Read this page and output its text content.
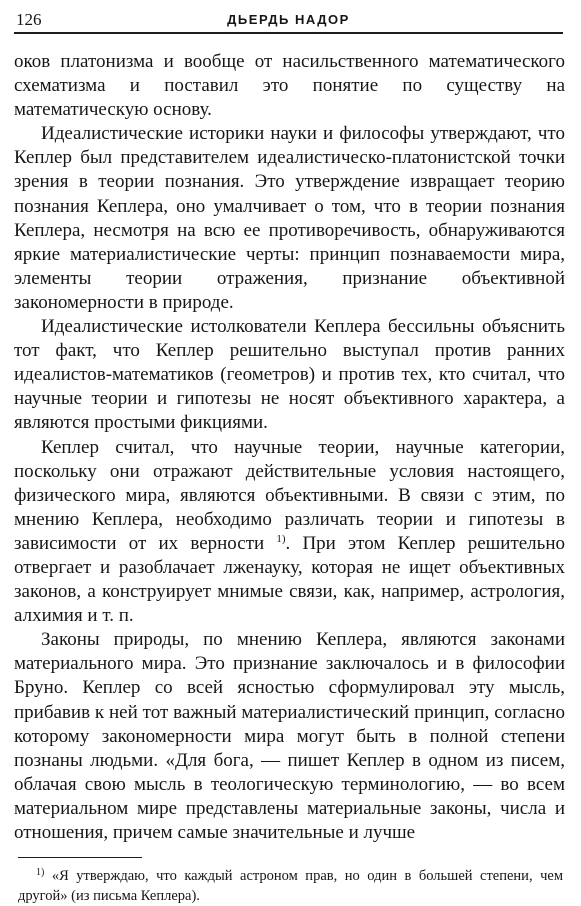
126	ДЬЕРДЬ НАДОР

оков платонизма и вообще от насильственного математического схематизма и поставил это понятие по существу на математическую основу.

Идеалистические историки науки и философы утверждают, что Кеплер был представителем идеалистическо-платонистской точки зрения в теории познания. Это утверждение извращает теорию познания Кеплера, оно умалчивает о том, что в теории познания Кеплера, несмотря на всю ее противоречивость, обнаруживаются яркие материалистические черты: принцип познаваемости мира, элементы теории отражения, признание объективной закономерности в природе.

Идеалистические истолкователи Кеплера бессильны объяснить тот факт, что Кеплер решительно выступал против ранних идеалистов-математиков (геометров) и против тех, кто считал, что научные теории и гипотезы не носят объективного характера, а являются простыми фикциями.

Кеплер считал, что научные теории, научные категории, поскольку они отражают действительные условия настоящего, физического мира, являются объективными. В связи с этим, по мнению Кеплера, необходимо различать теории и гипотезы в зависимости от их верности $^{1)}$. При этом Кеплер решительно отвергает и разоблачает лженауку, которая не ищет объективных законов, а конструирует мнимые связи, как, например, астрология, алхимия и т. п.

Законы природы, по мнению Кеплера, являются законами материального мира. Это признание заключалось и в философии Бруно. Кеплер со всей ясностью сформулировал эту мысль, прибавив к ней тот важный материалистический принцип, согласно которому закономерности мира могут быть в полной степени познаны людьми. «Для бога, — пишет Кеплер в одном из писем, облачая свою мысль в теологическую терминологию, — во всем материальном мире представлены материальные законы, числа и отношения, причем самые значительные и лучше

$^{1)}$ «Я утверждаю, что каждый астроном прав, но один в большей степени, чем другой» (из письма Кеплера).
